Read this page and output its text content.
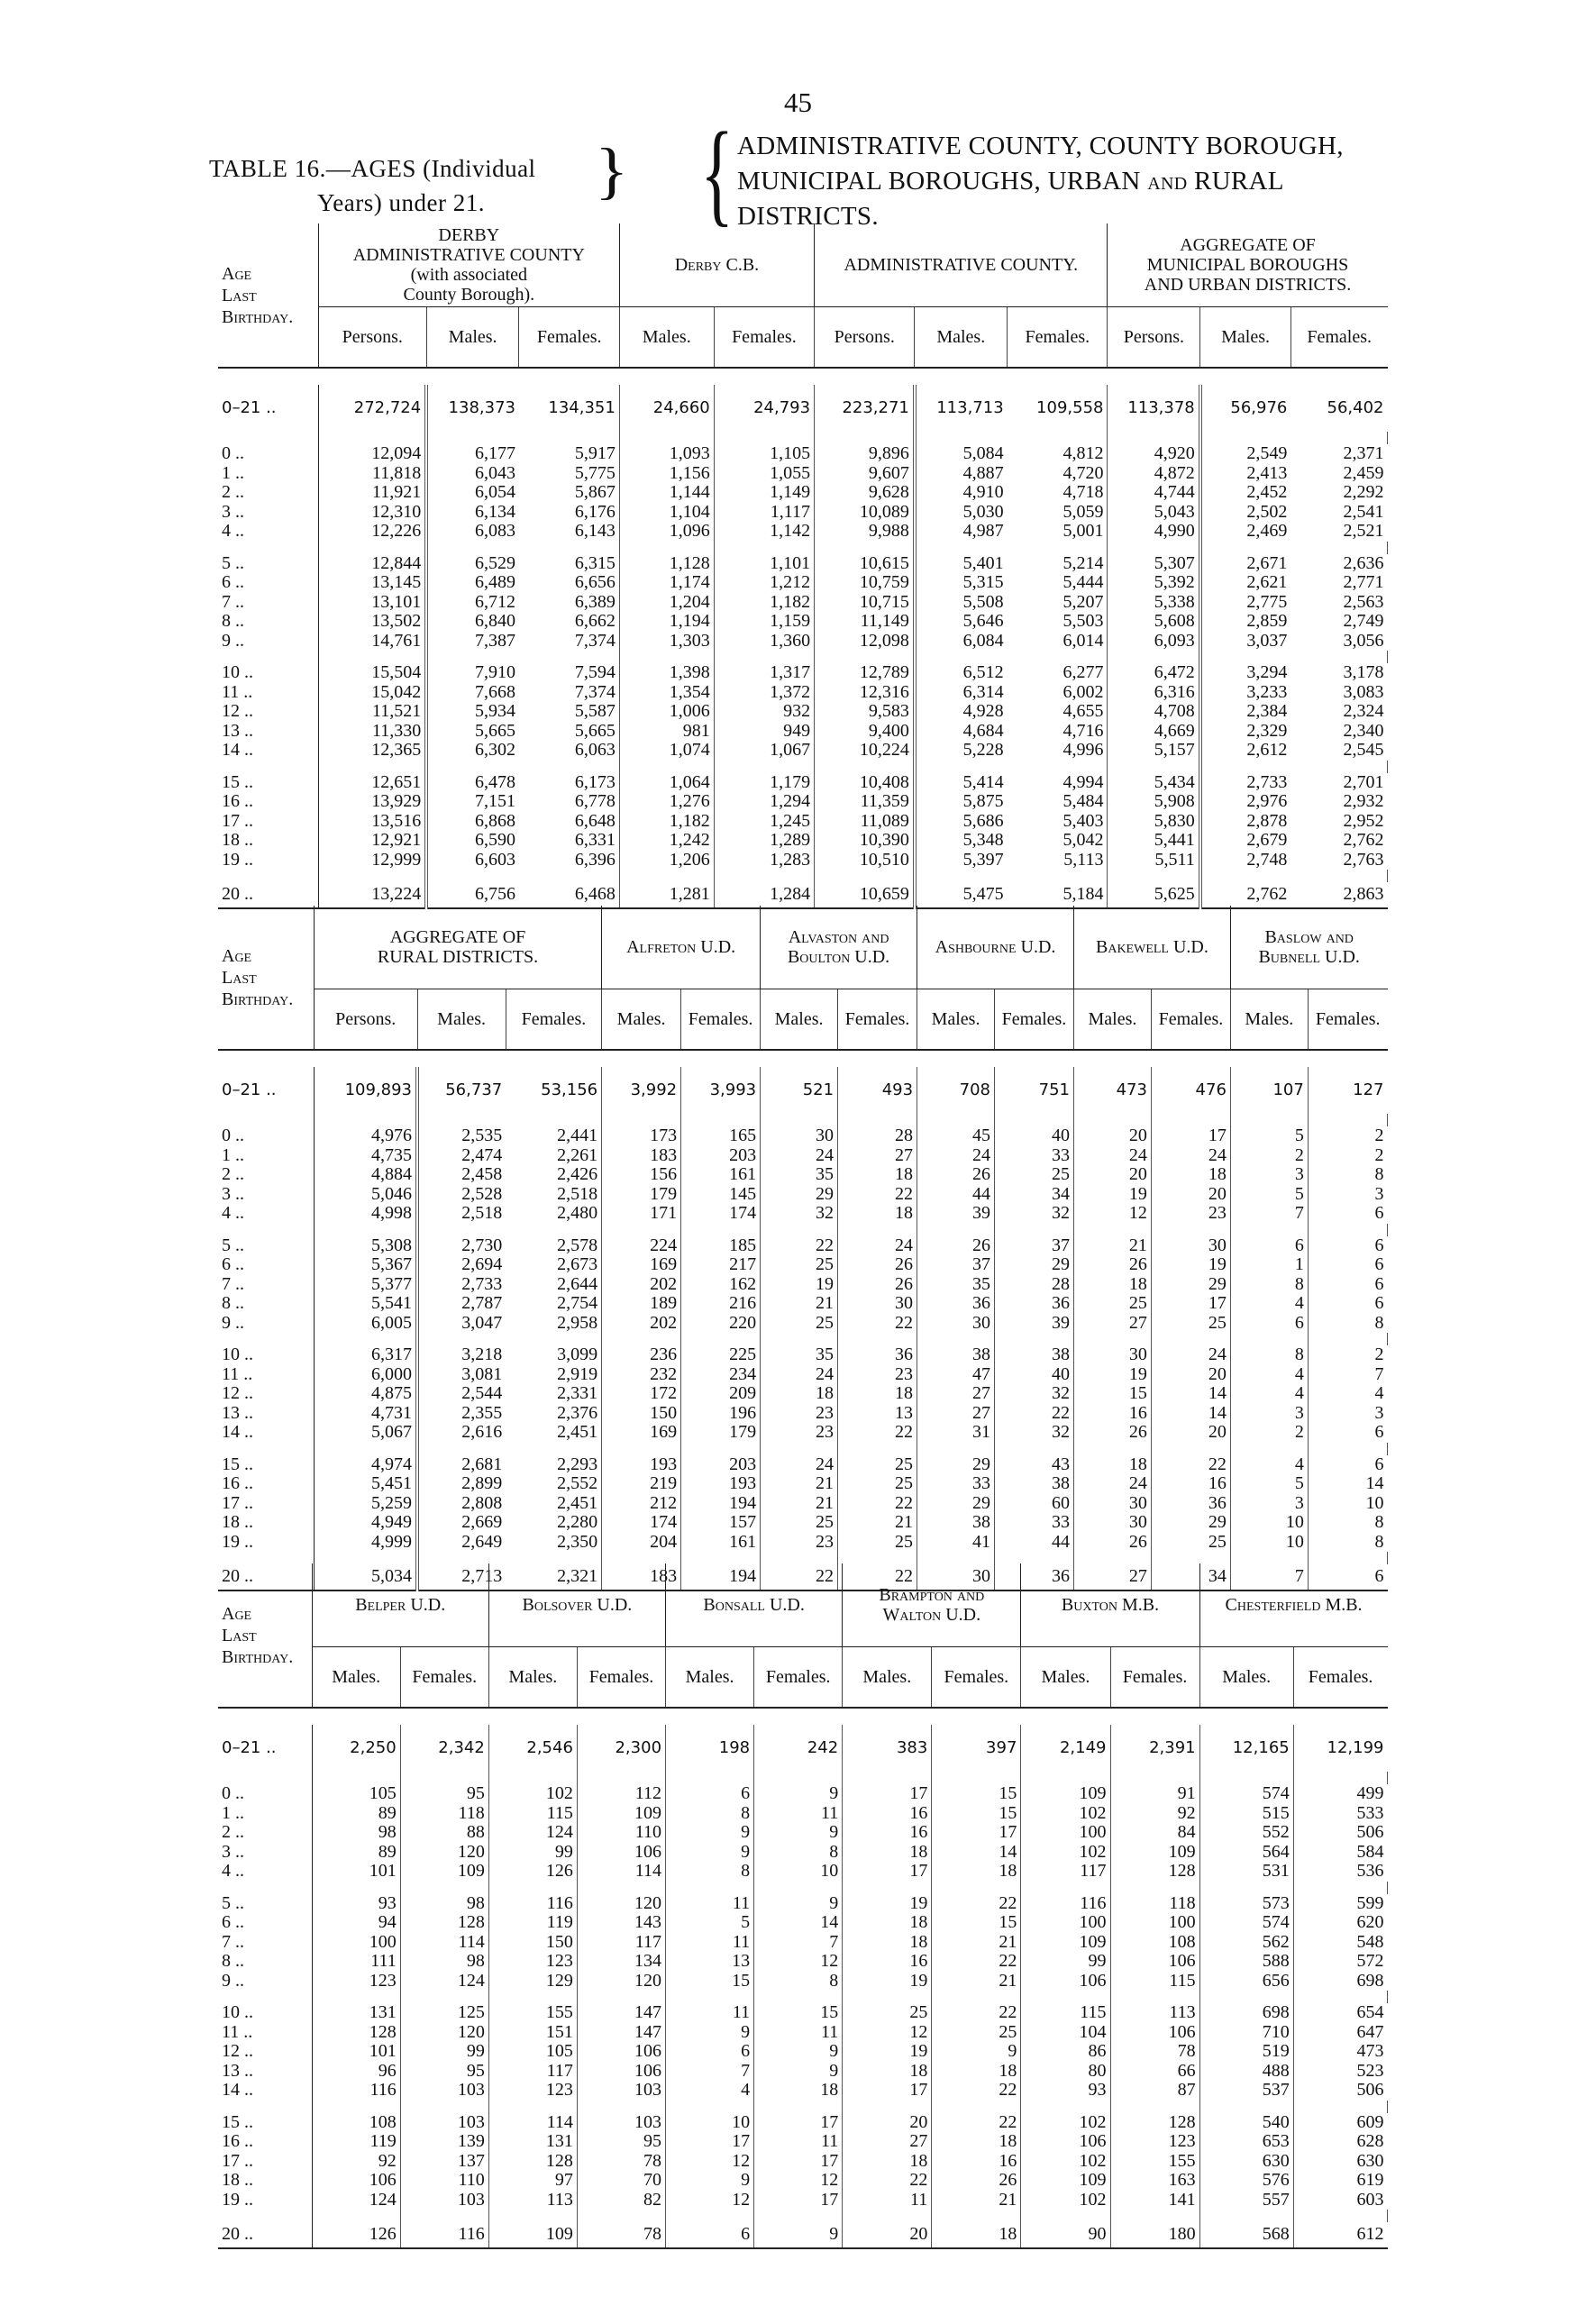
45
TABLE 16.—AGES (Individual
Years) under 21.	} { ADMINISTRATIVE COUNTY, COUNTY BOROUGH,
MUNICIPAL BOROUGHS, URBAN and RURAL
DISTRICTS.
Age
Last
Birthday.	DERBY
ADMINISTRATIVE COUNTY
(with associated
County Borough).			Derby C.B.		ADMINISTRATIVE COUNTY.			AGGREGATE OF
MUNICIPAL BOROUGHS
AND URBAN DISTRICTS.		
	Persons.	Males.	Females.	Males.	Females.	Persons.	Males.	Females.	Persons.	Males.	Females.

0–21 ..	272,724	138,373	134,351	24,660	24,793	223,271	113,713	109,558	113,378	56,976	56,402

0 ..	12,094	6,177	5,917	1,093	1,105	9,896	5,084	4,812	4,920	2,549	2,371
1 ..	11,818	6,043	5,775	1,156	1,055	9,607	4,887	4,720	4,872	2,413	2,459
2 ..	11,921	6,054	5,867	1,144	1,149	9,628	4,910	4,718	4,744	2,452	2,292
3 ..	12,310	6,134	6,176	1,104	1,117	10,089	5,030	5,059	5,043	2,502	2,541
4 ..	12,226	6,083	6,143	1,096	1,142	9,988	4,987	5,001	4,990	2,469	2,521

5 ..	12,844	6,529	6,315	1,128	1,101	10,615	5,401	5,214	5,307	2,671	2,636
6 ..	13,145	6,489	6,656	1,174	1,212	10,759	5,315	5,444	5,392	2,621	2,771
7 ..	13,101	6,712	6,389	1,204	1,182	10,715	5,508	5,207	5,338	2,775	2,563
8 ..	13,502	6,840	6,662	1,194	1,159	11,149	5,646	5,503	5,608	2,859	2,749
9 ..	14,761	7,387	7,374	1,303	1,360	12,098	6,084	6,014	6,093	3,037	3,056

10 ..	15,504	7,910	7,594	1,398	1,317	12,789	6,512	6,277	6,472	3,294	3,178
11 ..	15,042	7,668	7,374	1,354	1,372	12,316	6,314	6,002	6,316	3,233	3,083
12 ..	11,521	5,934	5,587	1,006	932	9,583	4,928	4,655	4,708	2,384	2,324
13 ..	11,330	5,665	5,665	981	949	9,400	4,684	4,716	4,669	2,329	2,340
14 ..	12,365	6,302	6,063	1,074	1,067	10,224	5,228	4,996	5,157	2,612	2,545

15 ..	12,651	6,478	6,173	1,064	1,179	10,408	5,414	4,994	5,434	2,733	2,701
16 ..	13,929	7,151	6,778	1,276	1,294	11,359	5,875	5,484	5,908	2,976	2,932
17 ..	13,516	6,868	6,648	1,182	1,245	11,089	5,686	5,403	5,830	2,878	2,952
18 ..	12,921	6,590	6,331	1,242	1,289	10,390	5,348	5,042	5,441	2,679	2,762
19 ..	12,999	6,603	6,396	1,206	1,283	10,510	5,397	5,113	5,511	2,748	2,763

20 ..	13,224	6,756	6,468	1,281	1,284	10,659	5,475	5,184	5,625	2,762	2,863
Age
Last
Birthday.	AGGREGATE OF
RURAL DISTRICTS.			Alfreton U.D.		Alvaston and
Boulton U.D.		Ashbourne U.D.		Bakewell U.D.		Baslow and
Bubnell U.D.	
	Persons.	Males.	Females.	Males.	Females.	Males.	Females.	Males.	Females.	Males.	Females.	Males.	Females.

0–21 ..	109,893	56,737	53,156	3,992	3,993	521	493	708	751	473	476	107	127

0 ..	4,976	2,535	2,441	173	165	30	28	45	40	20	17	5	2
1 ..	4,735	2,474	2,261	183	203	24	27	24	33	24	24	2	2
2 ..	4,884	2,458	2,426	156	161	35	18	26	25	20	18	3	8
3 ..	5,046	2,528	2,518	179	145	29	22	44	34	19	20	5	3
4 ..	4,998	2,518	2,480	171	174	32	18	39	32	12	23	7	6

5 ..	5,308	2,730	2,578	224	185	22	24	26	37	21	30	6	6
6 ..	5,367	2,694	2,673	169	217	25	26	37	29	26	19	1	6
7 ..	5,377	2,733	2,644	202	162	19	26	35	28	18	29	8	6
8 ..	5,541	2,787	2,754	189	216	21	30	36	36	25	17	4	6
9 ..	6,005	3,047	2,958	202	220	25	22	30	39	27	25	6	8

10 ..	6,317	3,218	3,099	236	225	35	36	38	38	30	24	8	2
11 ..	6,000	3,081	2,919	232	234	24	23	47	40	19	20	4	7
12 ..	4,875	2,544	2,331	172	209	18	18	27	32	15	14	4	4
13 ..	4,731	2,355	2,376	150	196	23	13	27	22	16	14	3	3
14 ..	5,067	2,616	2,451	169	179	23	22	31	32	26	20	2	6

15 ..	4,974	2,681	2,293	193	203	24	25	29	43	18	22	4	6
16 ..	5,451	2,899	2,552	219	193	21	25	33	38	24	16	5	14
17 ..	5,259	2,808	2,451	212	194	21	22	29	60	30	36	3	10
18 ..	4,949	2,669	2,280	174	157	25	21	38	33	30	29	10	8
19 ..	4,999	2,649	2,350	204	161	23	25	41	44	26	25	10	8

20 ..	5,034	2,713	2,321	183	194	22	22	30	36	27	34	7	6
Age
Last
Birthday.	Belper U.D.		Bolsover U.D.		Bonsall U.D.		Brampton and
Walton U.D.		Buxton M.B.		Chesterfield M.B.	
	Males.	Females.	Males.	Females.	Males.	Females.	Males.	Females.	Males.	Females.	Males.	Females.

0–21 ..	2,250	2,342	2,546	2,300	198	242	383	397	2,149	2,391	12,165	12,199

0 ..	105	95	102	112	6	9	17	15	109	91	574	499
1 ..	89	118	115	109	8	11	16	15	102	92	515	533
2 ..	98	88	124	110	9	9	16	17	100	84	552	506
3 ..	89	120	99	106	9	8	18	14	102	109	564	584
4 ..	101	109	126	114	8	10	17	18	117	128	531	536

5 ..	93	98	116	120	11	9	19	22	116	118	573	599
6 ..	94	128	119	143	5	14	18	15	100	100	574	620
7 ..	100	114	150	117	11	7	18	21	109	108	562	548
8 ..	111	98	123	134	13	12	16	22	99	106	588	572
9 ..	123	124	129	120	15	8	19	21	106	115	656	698

10 ..	131	125	155	147	11	15	25	22	115	113	698	654
11 ..	128	120	151	147	9	11	12	25	104	106	710	647
12 ..	101	99	105	106	6	9	19	9	86	78	519	473
13 ..	96	95	117	106	7	9	18	18	80	66	488	523
14 ..	116	103	123	103	4	18	17	22	93	87	537	506

15 ..	108	103	114	103	10	17	20	22	102	128	540	609
16 ..	119	139	131	95	17	11	27	18	106	123	653	628
17 ..	92	137	128	78	12	17	18	16	102	155	630	630
18 ..	106	110	97	70	9	12	22	26	109	163	576	619
19 ..	124	103	113	82	12	17	11	21	102	141	557	603

20 ..	126	116	109	78	6	9	20	18	90	180	568	612
